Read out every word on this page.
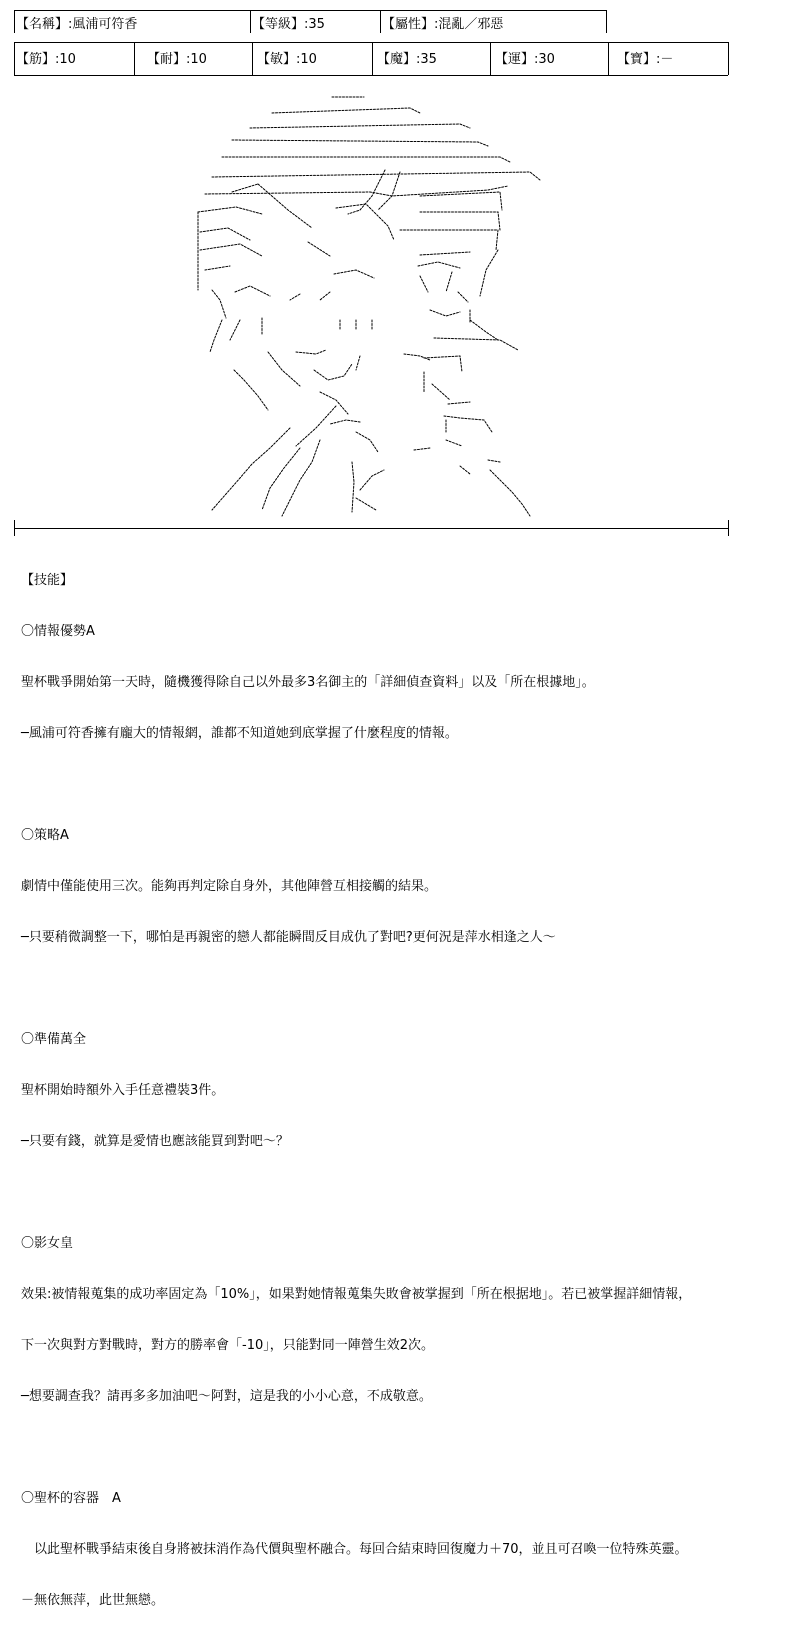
【名稱】:風浦可符香	【等級】:35	【屬性】:混亂／邪惡
【筋】:10	【耐】:10	【敏】:10	【魔】:35	【運】:30	【寶】:－

【技能】

〇情報優勢A

聖杯戰爭開始第一天時，隨機獲得除自己以外最多3名御主的「詳細偵查資料」以及「所在根據地」。

─風浦可符香擁有龐大的情報網，誰都不知道她到底掌握了什麼程度的情報。

〇策略A

劇情中僅能使用三次。能夠再判定除自身外，其他陣營互相接觸的結果。

─只要稍微調整一下，哪怕是再親密的戀人都能瞬間反目成仇了對吧?更何況是萍水相逢之人～

〇準備萬全

聖杯開始時額外入手任意禮裝3件。

─只要有錢，就算是愛情也應該能買到對吧～？

〇影女皇

效果:被情報蒐集的成功率固定為「10%」，如果對她情報蒐集失敗會被掌握到「所在根据地」。若已被掌握詳細情報，

下一次與對方對戰時，對方的勝率會「-10」，只能對同一陣營生效2次。

─想要調查我？請再多多加油吧～阿對，這是我的小小心意，不成敬意。

〇聖杯的容器　A

　以此聖杯戰爭結束後自身將被抹消作為代價與聖杯融合。每回合結束時回復魔力＋70，並且可召喚一位特殊英靈。

－無依無萍，此世無戀。
